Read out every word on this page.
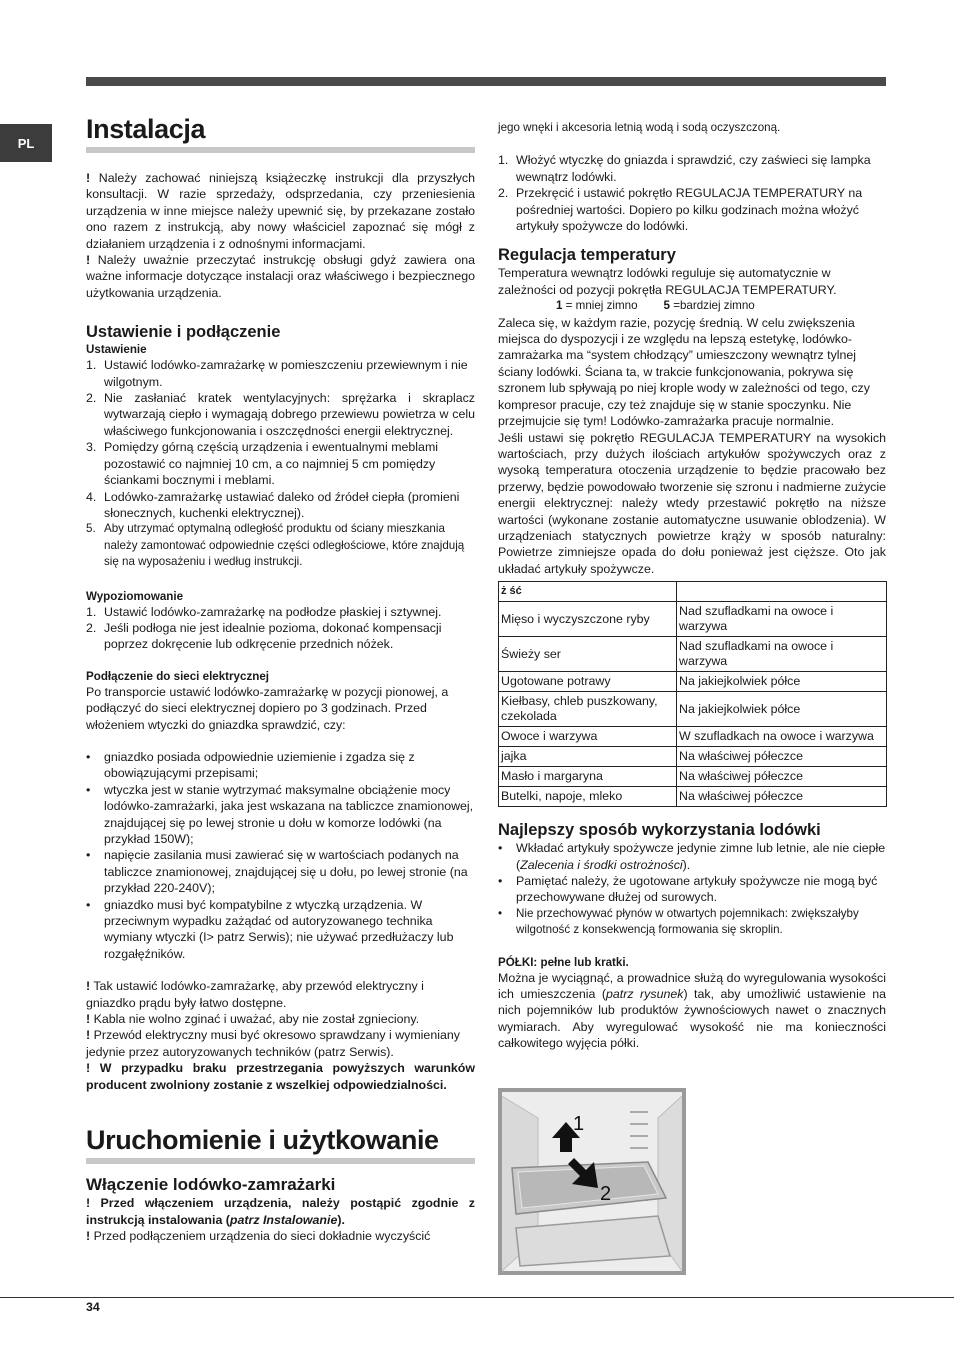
PL	Instalacja

! Należy zachować niniejszą książeczkę instrukcji dla przyszłych konsultacji. W razie sprzedaży, odsprzedania, czy przeniesienia urządzenia w inne miejsce należy upewnić się, by przekazane zostało ono razem z instrukcją, aby nowy właściciel zapoznać się mógł z działaniem urządzenia i z odnośnymi informacjami.

! Należy uważnie przeczytać instrukcję obsługi gdyż zawiera ona ważne informacje dotyczące instalacji oraz właściwego i bezpiecznego użytkowania urządzenia.

Ustawienie i podłączenie
Ustawienie
1. Ustawić lodówko-zamrażarkę w pomieszczeniu przewiewnym i nie wilgotnym.
2. Nie zasłaniać kratek wentylacyjnych: sprężarka i skraplacz wytwarzają ciepło i wymagają dobrego przewiewu powietrza w celu właściwego funkcjonowania i oszczędności energii elektrycznej.
3. Pomiędzy górną częścią urządzenia i ewentualnymi meblami pozostawić co najmniej 10 cm, a co najmniej 5 cm pomiędzy ściankami bocznymi i meblami.
4. Lodówko-zamrażarkę ustawiać daleko od źródeł ciepła (promieni słonecznych, kuchenki elektrycznej).
5. Aby utrzymać optymalną odległość produktu od ściany mieszkania należy zamontować odpowiednie części odległościowe, które znajdują się na wyposażeniu i według instrukcji.
Wypoziomowanie
1. Ustawić lodówko-zamrażarkę na podłodze płaskiej i sztywnej.
2. Jeśli podłoga nie jest idealnie pozioma, dokonać kompensacji poprzez dokręcenie lub odkręcenie przednich nóżek.
Podłączenie do sieci elektrycznej

Po transporcie ustawić lodówko-zamrażarkę w pozycji pionowej, a podłączyć do sieci elektrycznej dopiero po 3 godzinach. Przed włożeniem wtyczki do gniazdka sprawdzić, czy:

• gniazdko posiada odpowiednie uziemienie i zgadza się z obowiązującymi przepisami;
• wtyczka jest w stanie wytrzymać maksymalne obciążenie mocy lodówko-zamrażarki, jaka jest wskazana na tabliczce znamionowej, znajdującej się po lewej stronie u dołu w komorze lodówki (na przykład 150W);
• napięcie zasilania musi zawierać się w wartościach podanych na tabliczce znamionowej, znajdującej się u dołu, po lewej stronie (na przykład 220-240V);
• gniazdko musi być kompatybilne z wtyczką urządzenia. W przeciwnym wypadku zażądać od autoryzowanego technika wymiany wtyczki (I> patrz Serwis); nie używać przedłużaczy lub rozgałęźników.

! Tak ustawić lodówko-zamrażarkę, aby przewód elektryczny i gniazdko prądu były łatwo dostępne.

! Kabla nie wolno zginać i uważać, aby nie został zgnieciony.

! Przewód elektryczny musi być okresowo sprawdzany i wymieniany jedynie przez autoryzowanych techników (patrz Serwis).

! W przypadku braku przestrzegania powyższych warunków producent zwolniony zostanie z wszelkiej odpowiedzialności.

Uruchomienie i użytkowanie
Włączenie lodówko-zamrażarki

! Przed włączeniem urządzenia, należy postąpić zgodnie z instrukcją instalowania (patrz Instalowanie).

! Przed podłączeniem urządzenia do sieci dokładnie wyczyścić

jego wnęki i akcesoria letnią wodą i sodą oczyszczoną.

1. Włożyć wtyczkę do gniazda i sprawdzić, czy zaświeci się lampka wewnątrz lodówki.
2. Przekręcić i ustawić pokrętło REGULACJA TEMPERATURY na pośredniej wartości. Dopiero po kilku godzinach można włożyć artykuły spożywcze do lodówki.
Regulacja temperatury

Temperatura wewnątrz lodówki reguluje się automatycznie w zależności od pozycji pokrętła REGULACJA TEMPERATURY.

1 = mniej zimno 5 =bardziej zimno

Zaleca się, w każdym razie, pozycję średnią. W celu zwiększenia miejsca do dyspozycji i ze względu na lepszą estetykę, lodówko-zamrażarka ma “system chłodzący” umieszczony wewnątrz tylnej ściany lodówki. Ściana ta, w trakcie funkcjonowania, pokrywa się szronem lub spływają po niej krople wody w zależności od tego, czy kompresor pracuje, czy też znajduje się w stanie spoczynku. Nie przejmujcie się tym! Lodówko-zamrażarka pracuje normalnie.

Jeśli ustawi się pokrętło REGULACJA TEMPERATURY na wysokich wartościach, przy dużych ilościach artykułów spożywczych oraz z wysoką temperatura otoczenia urządzenie to będzie pracowało bez przerwy, będzie powodowało tworzenie się szronu i nadmierne zużycie energii elektrycznej: należy wtedy przestawić pokrętło na niższe wartości (wykonane zostanie automatyczne usuwanie oblodzenia). W urządzeniach statycznych powietrze krąży w sposób naturalny: Powietrze zimniejsze opada do dołu ponieważ jest cięższe. Oto jak układać artykuły spożywcze.

ż ść	
Mięso i wyczyszczone ryby	Nad szufladkami na owoce i warzywa
Świeży ser	Nad szufladkami na owoce i warzywa
Ugotowane potrawy	Na jakiejkolwiek półce
Kiełbasy, chleb puszkowany, czekolada	Na jakiejkolwiek półce
Owoce i warzywa	W szufladkach na owoce i warzywa
jajka	Na właściwej półeczce
Masło i margaryna	Na właściwej półeczce
Butelki, napoje, mleko	Na właściwej półeczce
Najlepszy sposób wykorzystania lodówki
• Wkładać artykuły spożywcze jedynie zimne lub letnie, ale nie ciepłe (Zalecenia i środki ostrożności).
• Pamiętać należy, że ugotowane artykuły spożywcze nie mogą być przechowywane dłużej od surowych.
• Nie przechowywać płynów w otwartych pojemnikach: zwiększałyby wilgotność z konsekwencją formowania się skroplin.
PÓŁKI: pełne lub kratki.

Można je wyciągnąć, a prowadnice służą do wyregulowania wysokości ich umieszczenia (patrz rysunek) tak, aby umożliwić ustawienie na nich pojemników lub produktów żywnościowych nawet o znacznych wymiarach. Aby wyregulować wysokość nie ma konieczności całkowitego wyjęcia półki.

1
2
34
